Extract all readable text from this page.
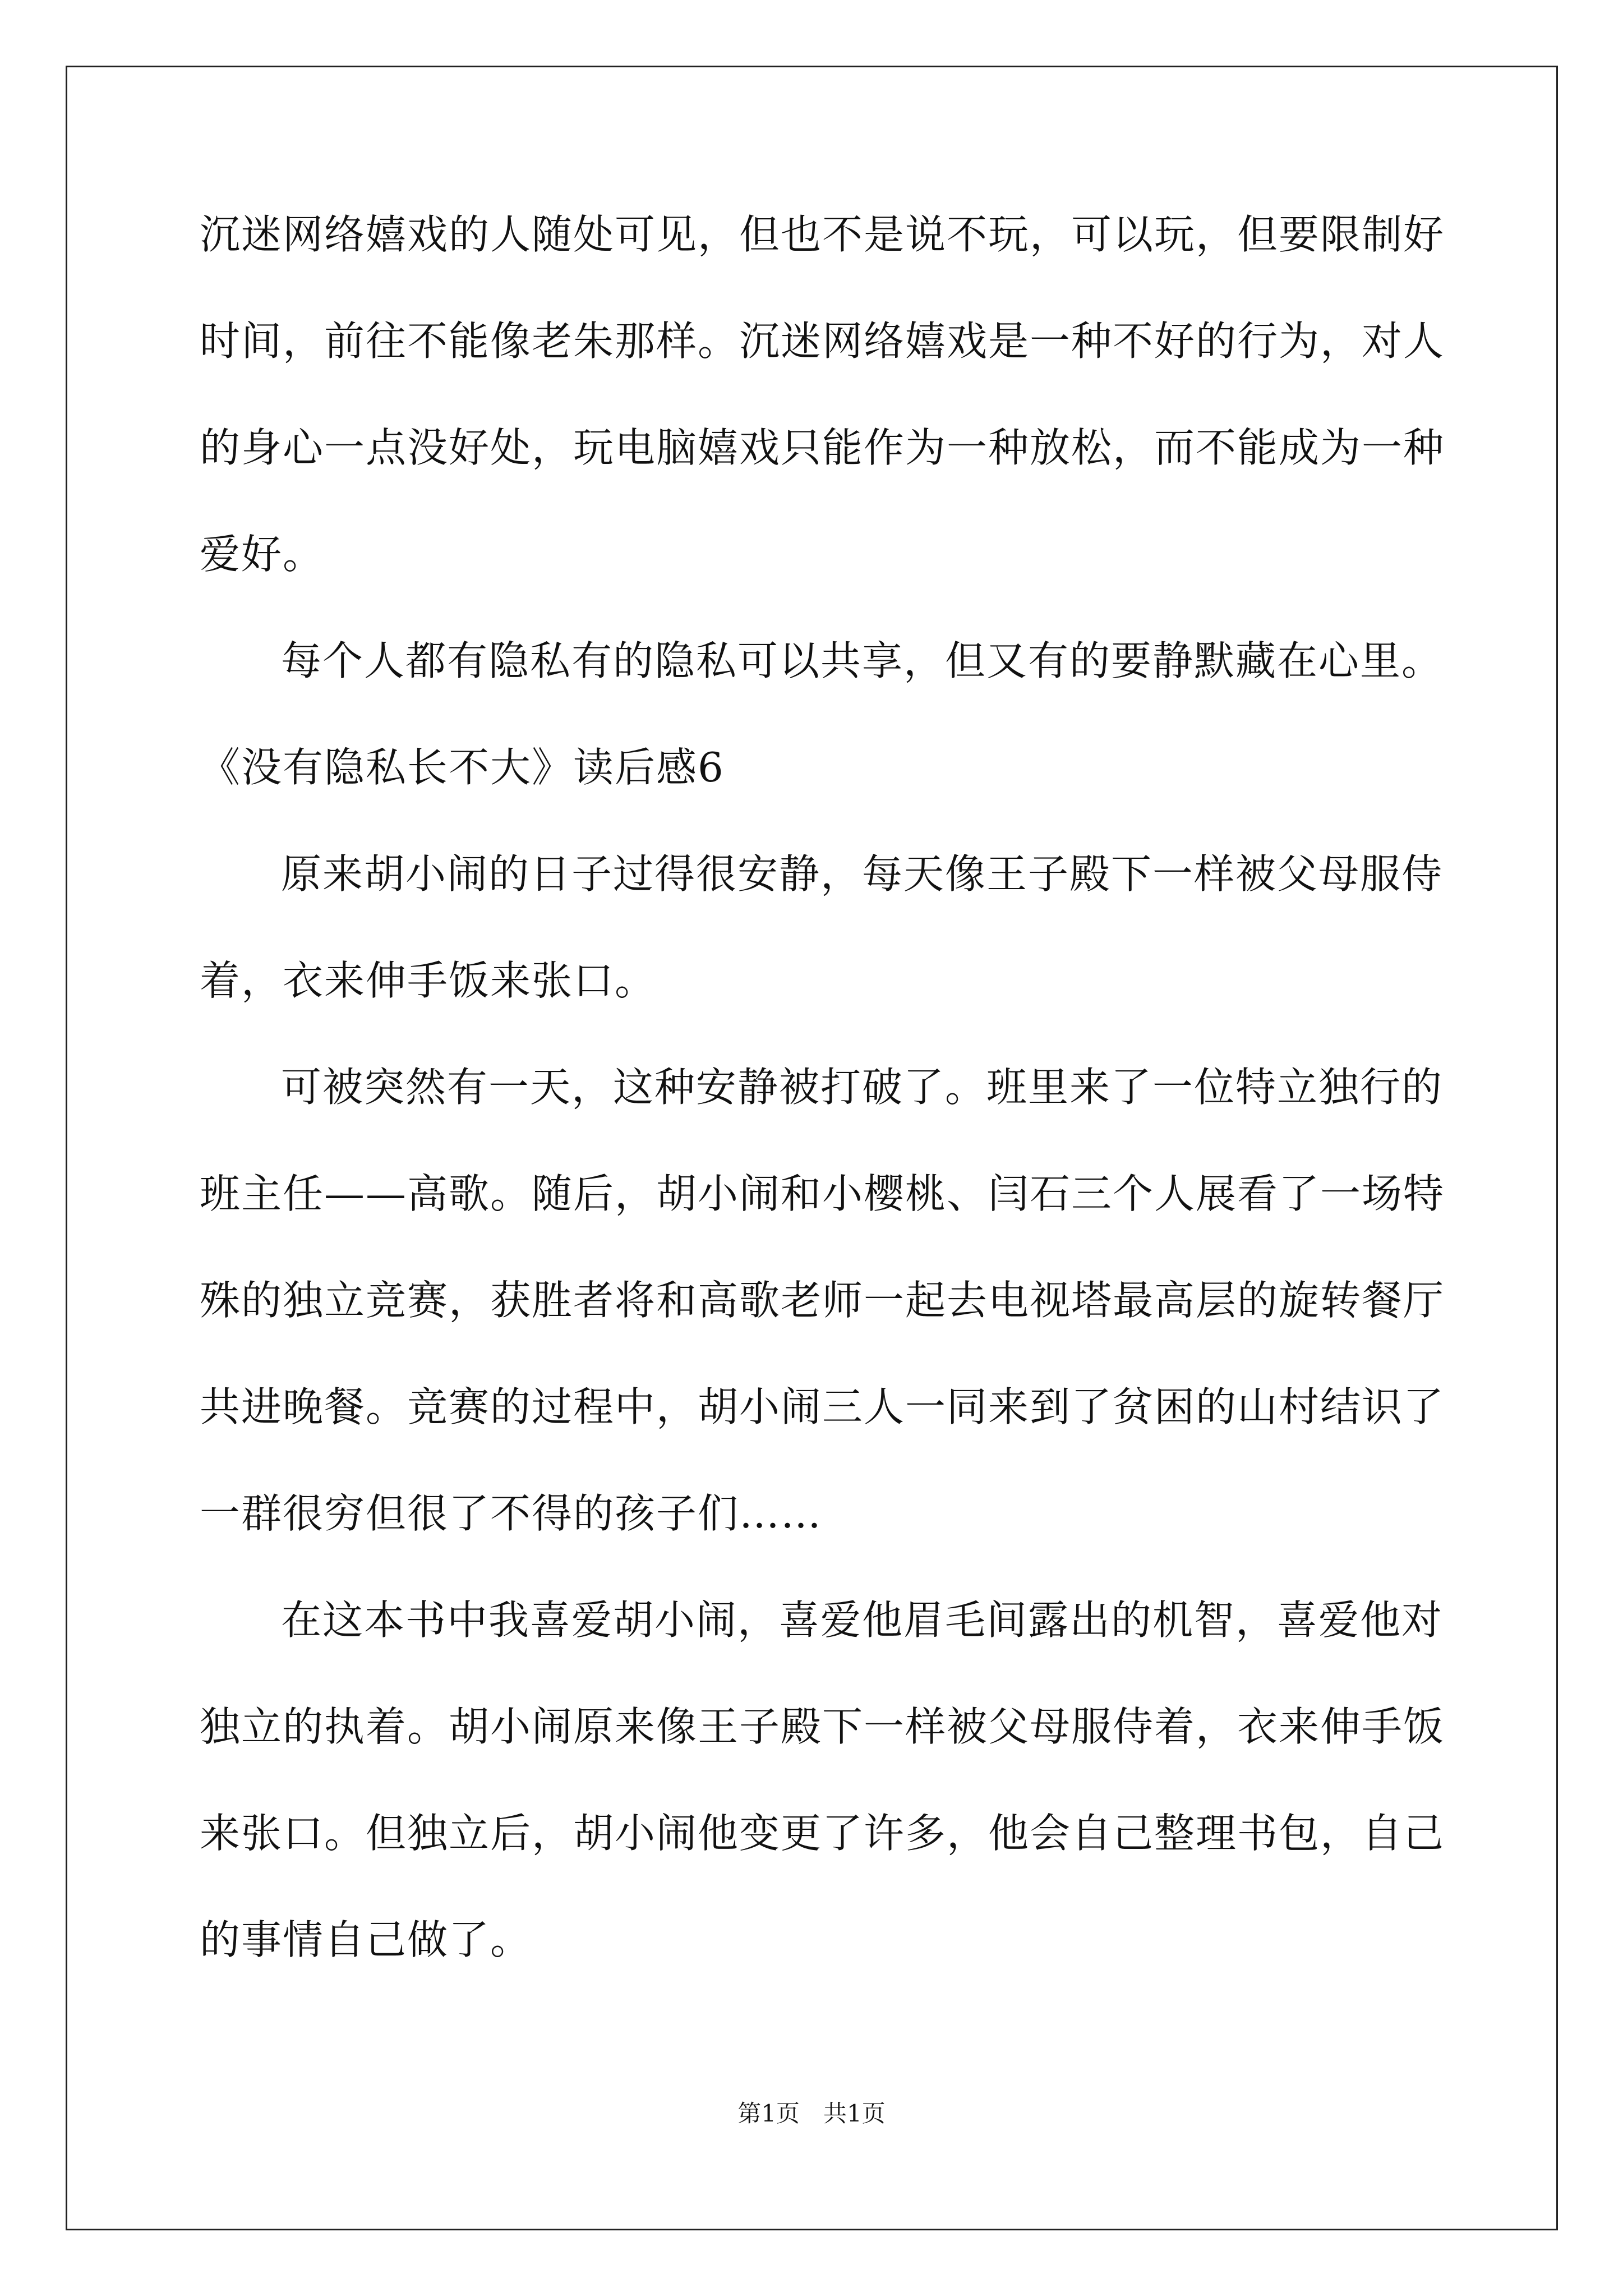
沉迷网络嬉戏的人随处可见，但也不是说不玩，可以玩，但要限制好
时间，前往不能像老朱那样。沉迷网络嬉戏是一种不好的行为，对人
的身心一点没好处，玩电脑嬉戏只能作为一种放松，而不能成为一种
爱好。
每个人都有隐私有的隐私可以共享，但又有的要静默藏在心里。
《没有隐私长不大》读后感6
原来胡小闹的日子过得很安静，每天像王子殿下一样被父母服侍
着，衣来伸手饭来张口。
可被突然有一天，这种安静被打破了。班里来了一位特立独行的
班主任——高歌。随后，胡小闹和小樱桃、闫石三个人展看了一场特
殊的独立竞赛，获胜者将和高歌老师一起去电视塔最高层的旋转餐厅
共进晚餐。竞赛的过程中，胡小闹三人一同来到了贫困的山村结识了
一群很穷但很了不得的孩子们……
在这本书中我喜爱胡小闹，喜爱他眉毛间露出的机智，喜爱他对
独立的执着。胡小闹原来像王子殿下一样被父母服侍着，衣来伸手饭
来张口。但独立后，胡小闹他变更了许多，他会自己整理书包，自己
的事情自己做了。
第1页　共1页
